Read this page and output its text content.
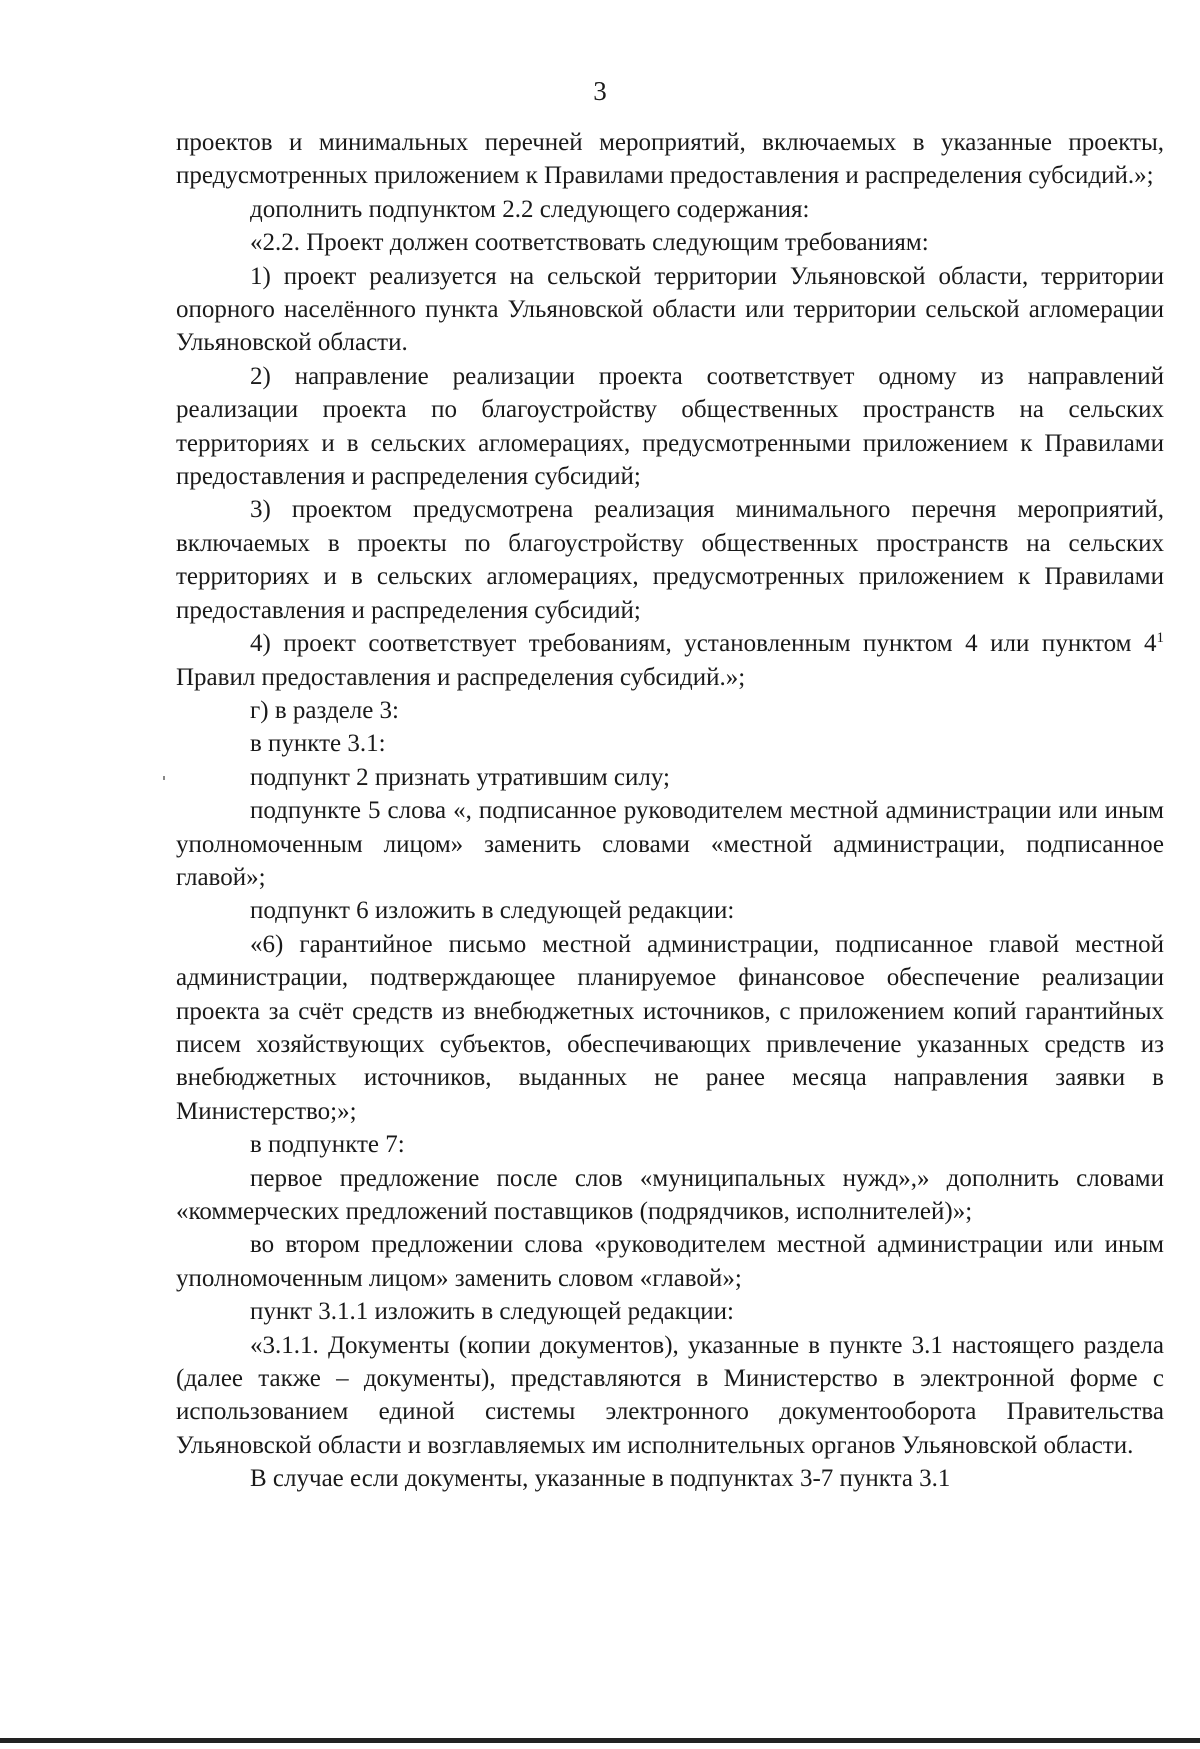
3

проектов и минимальных перечней мероприятий, включаемых в указанные проекты, предусмотренных приложением к Правилами предоставления и распределения субсидий.»;

дополнить подпунктом 2.2 следующего содержания:

«2.2. Проект должен соответствовать следующим требованиям:

1) проект реализуется на сельской территории Ульяновской области, территории опорного населённого пункта Ульяновской области или территории сельской агломерации Ульяновской области.

2) направление реализации проекта соответствует одному из направлений реализации проекта по благоустройству общественных пространств на сельских территориях и в сельских агломерациях, предусмотренными приложением к Правилами предоставления и распределения субсидий;

3) проектом предусмотрена реализация минимального перечня мероприятий, включаемых в проекты по благоустройству общественных пространств на сельских территориях и в сельских агломерациях, предусмотренных приложением к Правилами предоставления и распределения субсидий;

4) проект соответствует требованиям, установленным пунктом 4 или пунктом $4^1$ Правил предоставления и распределения субсидий.»;

г) в разделе 3:

в пункте 3.1:

подпункт 2 признать утратившим силу;

подпункте 5 слова «, подписанное руководителем местной администрации или иным уполномоченным лицом» заменить словами «местной администрации, подписанное главой»;

подпункт 6 изложить в следующей редакции:

«6) гарантийное письмо местной администрации, подписанное главой местной администрации, подтверждающее планируемое финансовое обеспечение реализации проекта за счёт средств из внебюджетных источников, с приложением копий гарантийных писем хозяйствующих субъектов, обеспечивающих привлечение указанных средств из внебюджетных источников, выданных не ранее месяца направления заявки в Министерство;»;

в подпункте 7:

первое предложение после слов «муниципальных нужд»,» дополнить словами «коммерческих предложений поставщиков (подрядчиков, исполнителей)»;

во втором предложении слова «руководителем местной администрации или иным уполномоченным лицом» заменить словом «главой»;

пункт 3.1.1 изложить в следующей редакции:

«3.1.1. Документы (копии документов), указанные в пункте 3.1 настоящего раздела (далее также – документы), представляются в Министерство в электронной форме с использованием единой системы электронного документооборота Правительства Ульяновской области и возглавляемых им исполнительных органов Ульяновской области.

В случае если документы, указанные в подпунктах 3-7 пункта 3.1
